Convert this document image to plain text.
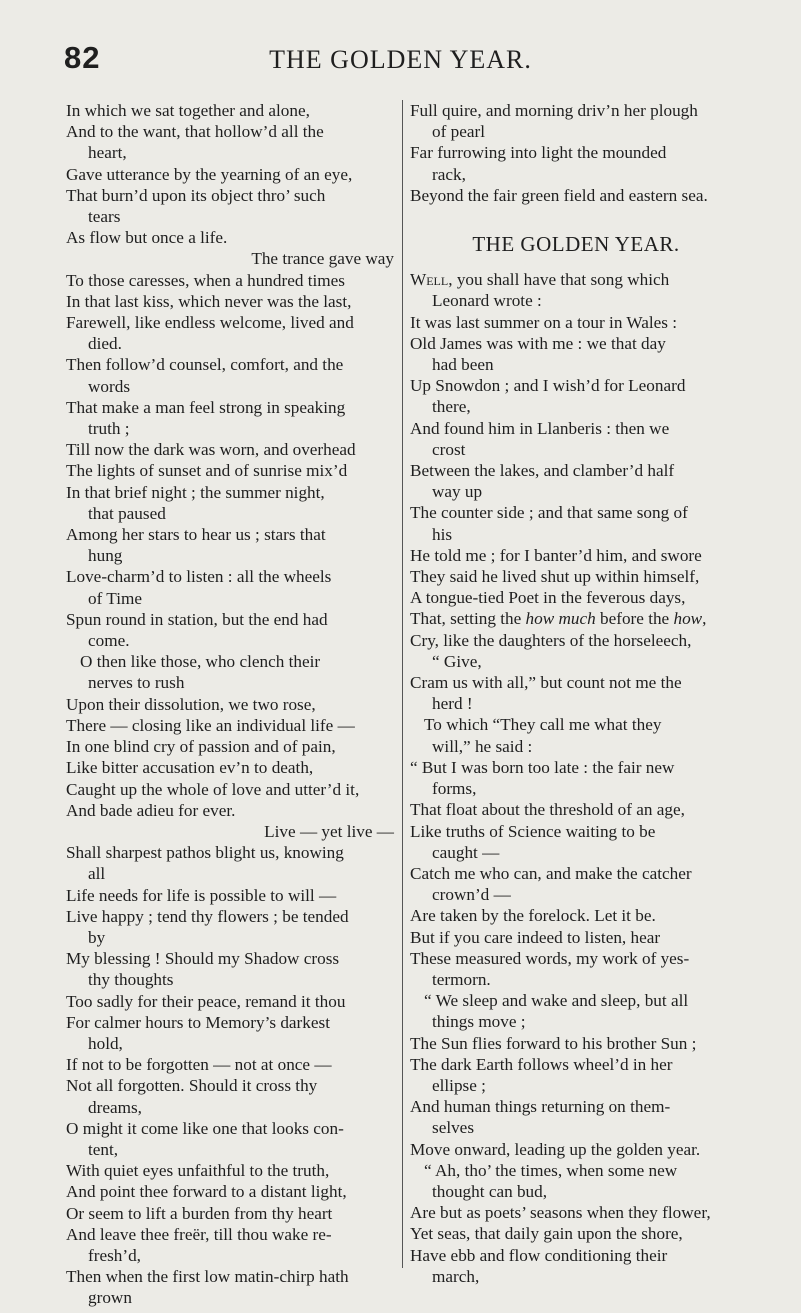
82	THE GOLDEN YEAR.
In which we sat together and alone,
And to the want, that hollow’d all the
heart,
Gave utterance by the yearning of an eye,
That burn’d upon its object thro’ such
tears
As flow but once a life.
The trance gave way
To those caresses, when a hundred times
In that last kiss, which never was the last,
Farewell, like endless welcome, lived and
died.
Then follow’d counsel, comfort, and the
words
That make a man feel strong in speaking
truth ;
Till now the dark was worn, and overhead
The lights of sunset and of sunrise mix’d
In that brief night ; the summer night,
that paused
Among her stars to hear us ; stars that
hung
Love-charm’d to listen : all the wheels
of Time
Spun round in station, but the end had
come.
O then like those, who clench their
nerves to rush
Upon their dissolution, we two rose,
There — closing like an individual life —
In one blind cry of passion and of pain,
Like bitter accusation ev’n to death,
Caught up the whole of love and utter’d it,
And bade adieu for ever.
Live — yet live —
Shall sharpest pathos blight us, knowing
all
Life needs for life is possible to will —
Live happy ; tend thy flowers ; be tended
by
My blessing ! Should my Shadow cross
thy thoughts
Too sadly for their peace, remand it thou
For calmer hours to Memory’s darkest
hold,
If not to be forgotten — not at once —
Not all forgotten. Should it cross thy
dreams,
O might it come like one that looks con-
tent,
With quiet eyes unfaithful to the truth,
And point thee forward to a distant light,
Or seem to lift a burden from thy heart
And leave thee freër, till thou wake re-
fresh’d,
Then when the first low matin-chirp hath
grown
Full quire, and morning driv’n her plough
of pearl
Far furrowing into light the mounded
rack,
Beyond the fair green field and eastern sea.
THE GOLDEN YEAR.
Well, you shall have that song which
Leonard wrote :
It was last summer on a tour in Wales :
Old James was with me : we that day
had been
Up Snowdon ; and I wish’d for Leonard
there,
And found him in Llanberis : then we
crost
Between the lakes, and clamber’d half
way up
The counter side ; and that same song of
his
He told me ; for I banter’d him, and swore
They said he lived shut up within himself,
A tongue-tied Poet in the feverous days,
That, setting the how much before the how,
Cry, like the daughters of the horseleech,
“ Give,
Cram us with all,” but count not me the
herd !
To which “They call me what they
will,” he said :
“ But I was born too late : the fair new
forms,
That float about the threshold of an age,
Like truths of Science waiting to be
caught —
Catch me who can, and make the catcher
crown’d —
Are taken by the forelock. Let it be.
But if you care indeed to listen, hear
These measured words, my work of yes-
termorn.
“ We sleep and wake and sleep, but all
things move ;
The Sun flies forward to his brother Sun ;
The dark Earth follows wheel’d in her
ellipse ;
And human things returning on them-
selves
Move onward, leading up the golden year.
“ Ah, tho’ the times, when some new
thought can bud,
Are but as poets’ seasons when they flower,
Yet seas, that daily gain upon the shore,
Have ebb and flow conditioning their
march,
